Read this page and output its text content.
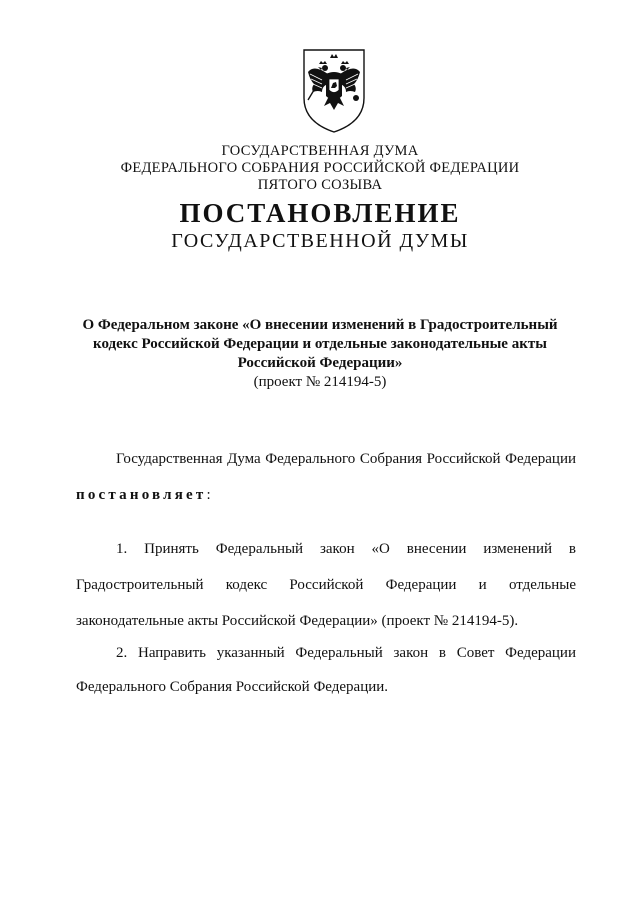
ГОСУДАРСТВЕННАЯ ДУМА
ФЕДЕРАЛЬНОГО СОБРАНИЯ РОССИЙСКОЙ ФЕДЕРАЦИИ
ПЯТОГО СОЗЫВА
ПОСТАНОВЛЕНИЕ
ГОСУДАРСТВЕННОЙ ДУМЫ
О Федеральном законе «О внесении изменений в Градостроительный кодекс Российской Федерации и отдельные законодательные акты Российской Федерации»
(проект № 214194-5)
Государственная Дума Федерального Собрания Российской Федерации постановляет:
1. Принять Федеральный закон «О внесении изменений в Градостроительный кодекс Российской Федерации и отдельные законодательные акты Российской Федерации» (проект № 214194-5).
2. Направить указанный Федеральный закон в Совет Федерации Федерального Собрания Российской Федерации.
